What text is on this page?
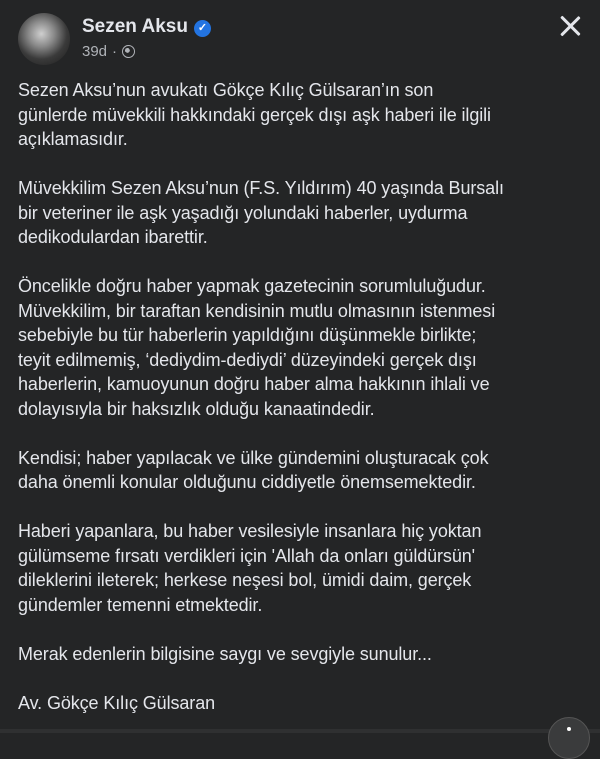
Sezen Aksu ✓
39d ·
Sezen Aksu’nun avukatı Gökçe Kılıç Gülsaran’ın son
günlerde müvekkili hakkındaki gerçek dışı aşk haberi ile ilgili
açıklamasıdır.
Müvekkilim Sezen Aksu’nun (F.S. Yıldırım) 40 yaşında Bursalı
bir veteriner ile aşk yaşadığı yolundaki haberler, uydurma
dedikodulardan ibarettir.
Öncelikle doğru haber yapmak gazetecinin sorumluluğudur.
Müvekkilim, bir taraftan kendisinin mutlu olmasının istenmesi
sebebiyle bu tür haberlerin yapıldığını düşünmekle birlikte;
teyit edilmemiş, ‘dediydim-dediydi’ düzeyindeki gerçek dışı
haberlerin, kamuoyunun doğru haber alma hakkının ihlali ve
dolayısıyla bir haksızlık olduğu kanaatindedir.
Kendisi; haber yapılacak ve ülke gündemini oluşturacak çok
daha önemli konular olduğunu ciddiyetle önemsemektedir.
Haberi yapanlara, bu haber vesilesiyle insanlara hiç yoktan
gülümseme fırsatı verdikleri için 'Allah da onları güldürsün'
dileklerini ileterek; herkese neşesi bol, ümidi daim, gerçek
gündemler temenni etmektedir.
Merak edenlerin bilgisine saygı ve sevgiyle sunulur...
Av. Gökçe Kılıç Gülsaran
